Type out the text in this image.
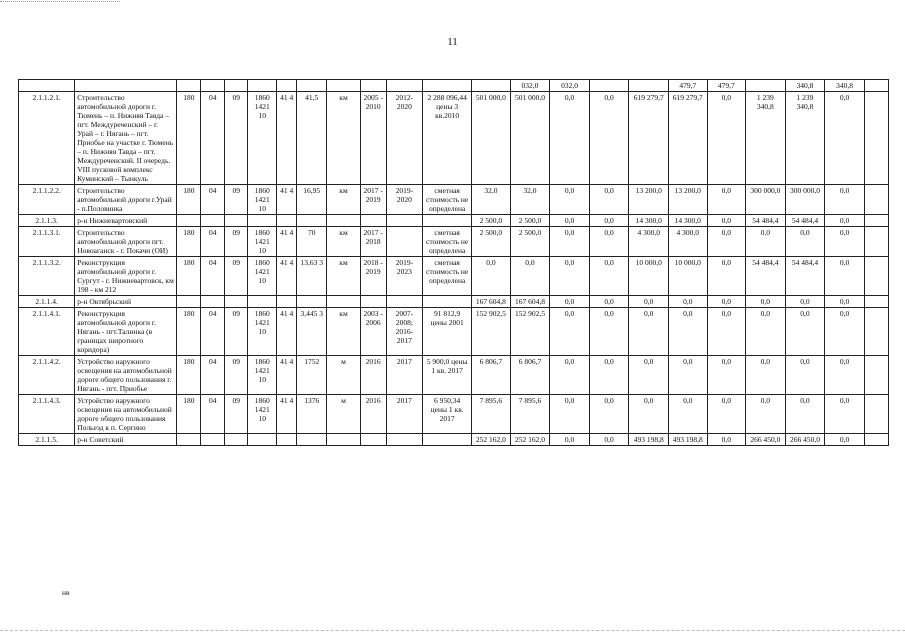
11
													032,0	032,0			479,7	479,7		340,8	340,8	
2.1.1.2.1.	Строительство автомобильной дороги г. Тюмень – п. Нижняя Тавда – пгт. Междуреченский – г. Урай – г. Нягань – пгт. Приобье на участке г. Тюмень – п. Нижняя Тавда – пгт. Междуреченский. II очередь. VIII пусковой комплекс Куминский – Тынкуль	180	04	09	1860 1421 10	41 4	41,5	км	2005 - 2010	2012-2020	2 288 096,44 цены 3 кв.2010	501 000,0	501 000,0	0,0	0,0	619 279,7	619 279,7	0,0	1 239 340,8	1 239 340,8	0,0	
2.1.1.2.2.	Строительство автомобильной дороги г.Урай - п.Половинка	180	04	09	1860 1421 10	41 4	16,95	км	2017 - 2019	2019-2020	сметная стоимость не определена	32,0	32,0	0,0	0,0	13 200,0	13 200,0	0,0	300 000,0	300 000,0	0,0	
2.1.1.3.	р-н Нижневартовский											2 500,0	2 500,0	0,0	0,0	14 300,0	14 300,0	0,0	54 484,4	54 484,4	0,0	
2.1.1.3.1.	Строительство автомобильной дороги пгт. Новоаганск - г. Покачи (ОИ)	180	04	09	1860 1421 10	41 4	70	км	2017 - 2018		сметная стоимость не определена	2 500,0	2 500,0	0,0	0,0	4 300,0	4 300,0	0,0	0,0	0,0	0,0	
2.1.1.3.2.	Реконструкция автомобильной дороги г. Сургут - г. Нижневартовск, км 198 - км 212	180	04	09	1860 1421 10	41 4	13,63 3	км	2018 - 2019	2019-2023	сметная стоимость не определена	0,0	0,0	0,0	0,0	10 000,0	10 000,0	0,0	54 484,4	54 484,4	0,0	
2.1.1.4.	р-н Октябрьский											167 604,8	167 604,8	0,0	0,0	0,0	0,0	0,0	0,0	0,0	0,0	
2.1.1.4.1.	Реконструкция автомобильной дороги г. Нягань - пгт.Талинка (в границах широтного коридора)	180	04	09	1860 1421 10	41 4	3,445 3	км	2003 - 2006	2007-2008; 2016-2017	91 812,9 цены 2001	152 902,5	152 902,5	0,0	0,0	0,0	0,0	0,0	0,0	0,0	0,0	
2.1.1.4.2.	Устройство наружного освещения на автомобильной дороге общего пользования г. Нягань - пгт. Приобье	180	04	09	1860 1421 10	41 4	1752	м	2016	2017	5 900,0 цены 1 кв. 2017	6 806,7	6 806,7	0,0	0,0	0,0	0,0	0,0	0,0	0,0	0,0	
2.1.1.4.3.	Устройство наружного освещения на автомобильной дороге общего пользования Польеэд к п. Сергино	180	04	09	1860 1421 10	41 4	1376	м	2016	2017	6 950,34 цены 1 кв. 2017	7 895,6	7 895,6	0,0	0,0	0,0	0,0	0,0	0,0	0,0	0,0	
2.1.1.5.	р-н Советский											252 162,0	252 162,0	0,0	0,0	493 198,8	493 198,8	0,0	266 450,0	266 450,0	0,0	
нв
